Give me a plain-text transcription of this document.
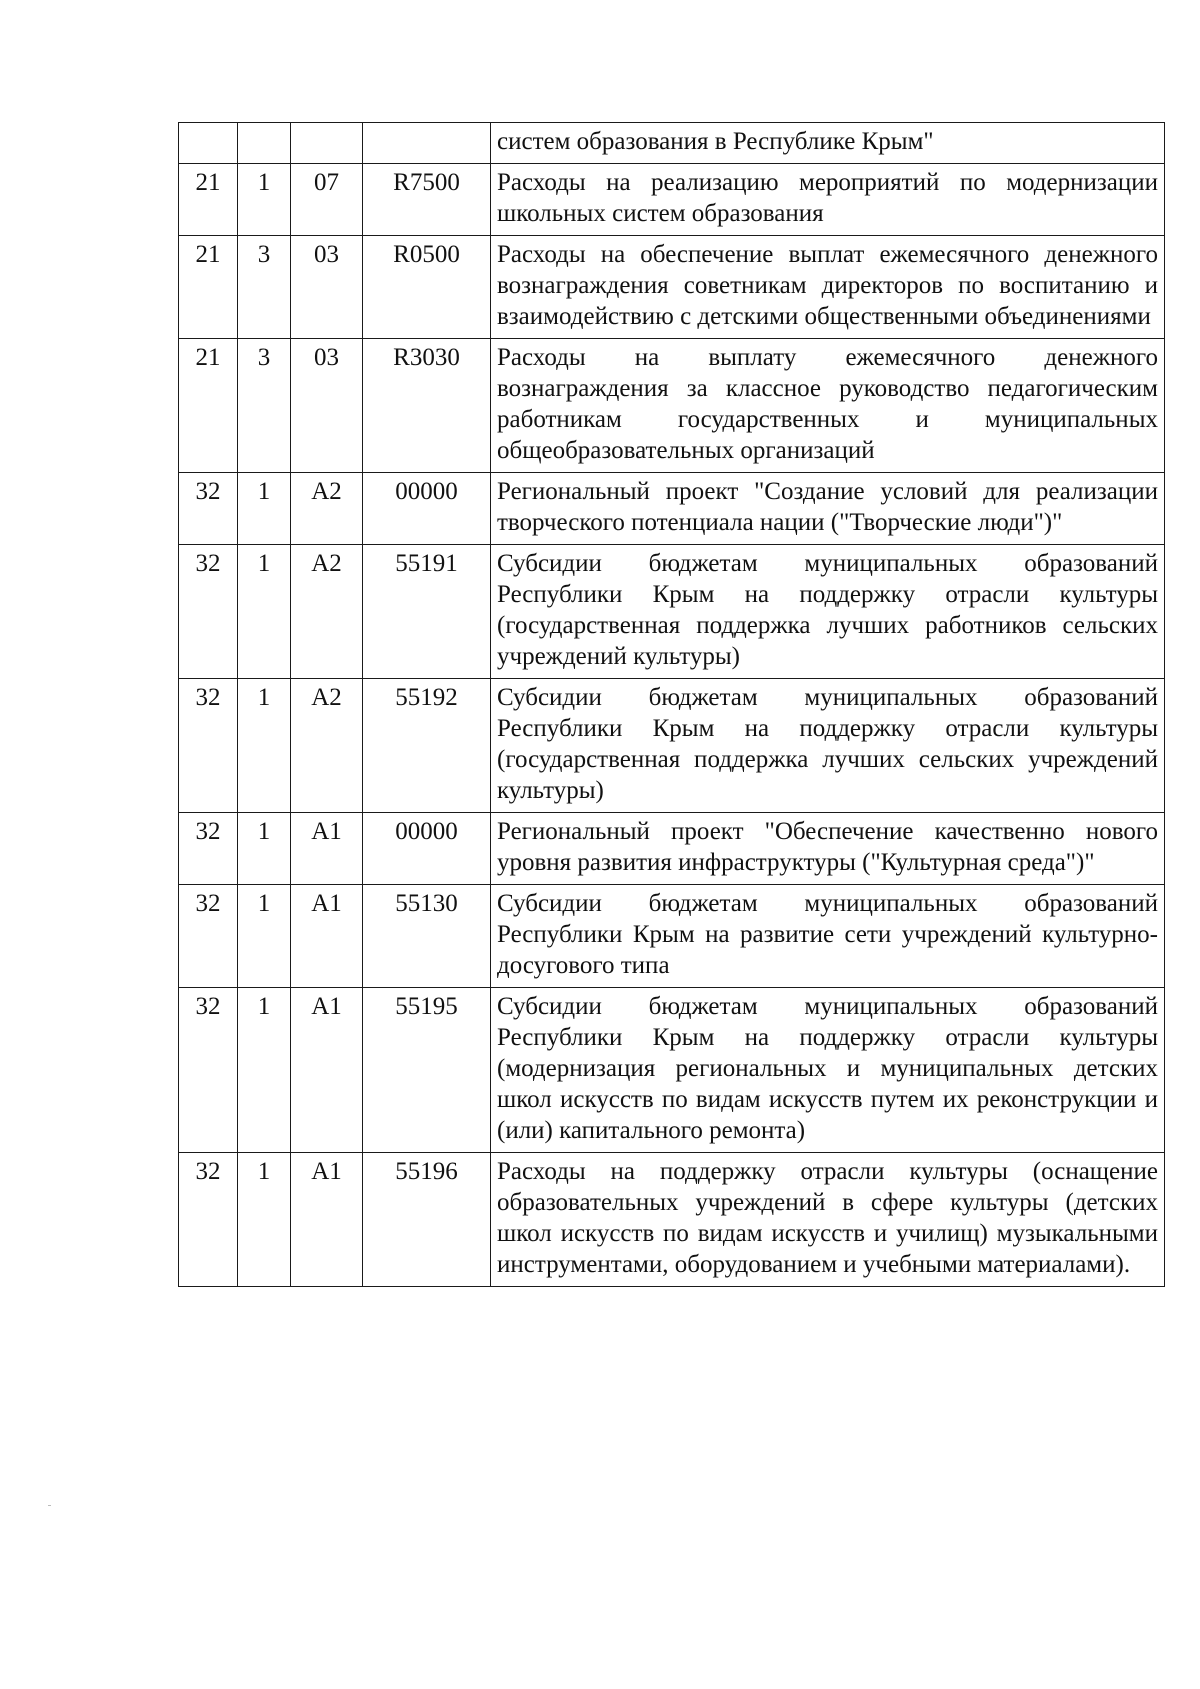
				систем образования в Республике Крым"
21	1	07	R7500	Расходы на реализацию мероприятий по модернизации школьных систем образования
21	3	03	R0500	Расходы на обеспечение выплат ежемесячного денежного вознаграждения советникам директоров по воспитанию и взаимодействию с детскими общественными объединениями
21	3	03	R3030	Расходы на выплату ежемесячного денежного вознаграждения за классное руководство педагогическим работникам государственных и муниципальных общеобразовательных организаций
32	1	А2	00000	Региональный проект "Создание условий для реализации творческого потенциала нации ("Творческие люди")"
32	1	А2	55191	Субсидии бюджетам муниципальных образований Республики Крым на поддержку отрасли культуры (государственная поддержка лучших работников сельских учреждений культуры)
32	1	А2	55192	Субсидии бюджетам муниципальных образований Республики Крым на поддержку отрасли культуры (государственная поддержка лучших сельских учреждений культуры)
32	1	А1	00000	Региональный проект "Обеспечение качественно нового уровня развития инфраструктуры ("Культурная среда")"
32	1	А1	55130	Субсидии бюджетам муниципальных образований Республики Крым на развитие сети учреждений культурно-досугового типа
32	1	А1	55195	Субсидии бюджетам муниципальных образований Республики Крым на поддержку отрасли культуры (модернизация региональных и муниципальных детских школ искусств по видам искусств путем их реконструкции и (или) капитального ремонта)
32	1	А1	55196	Расходы на поддержку отрасли культуры (оснащение образовательных учреждений в сфере культуры (детских школ искусств по видам искусств и училищ) музыкальными инструментами, оборудованием и учебными материалами).
